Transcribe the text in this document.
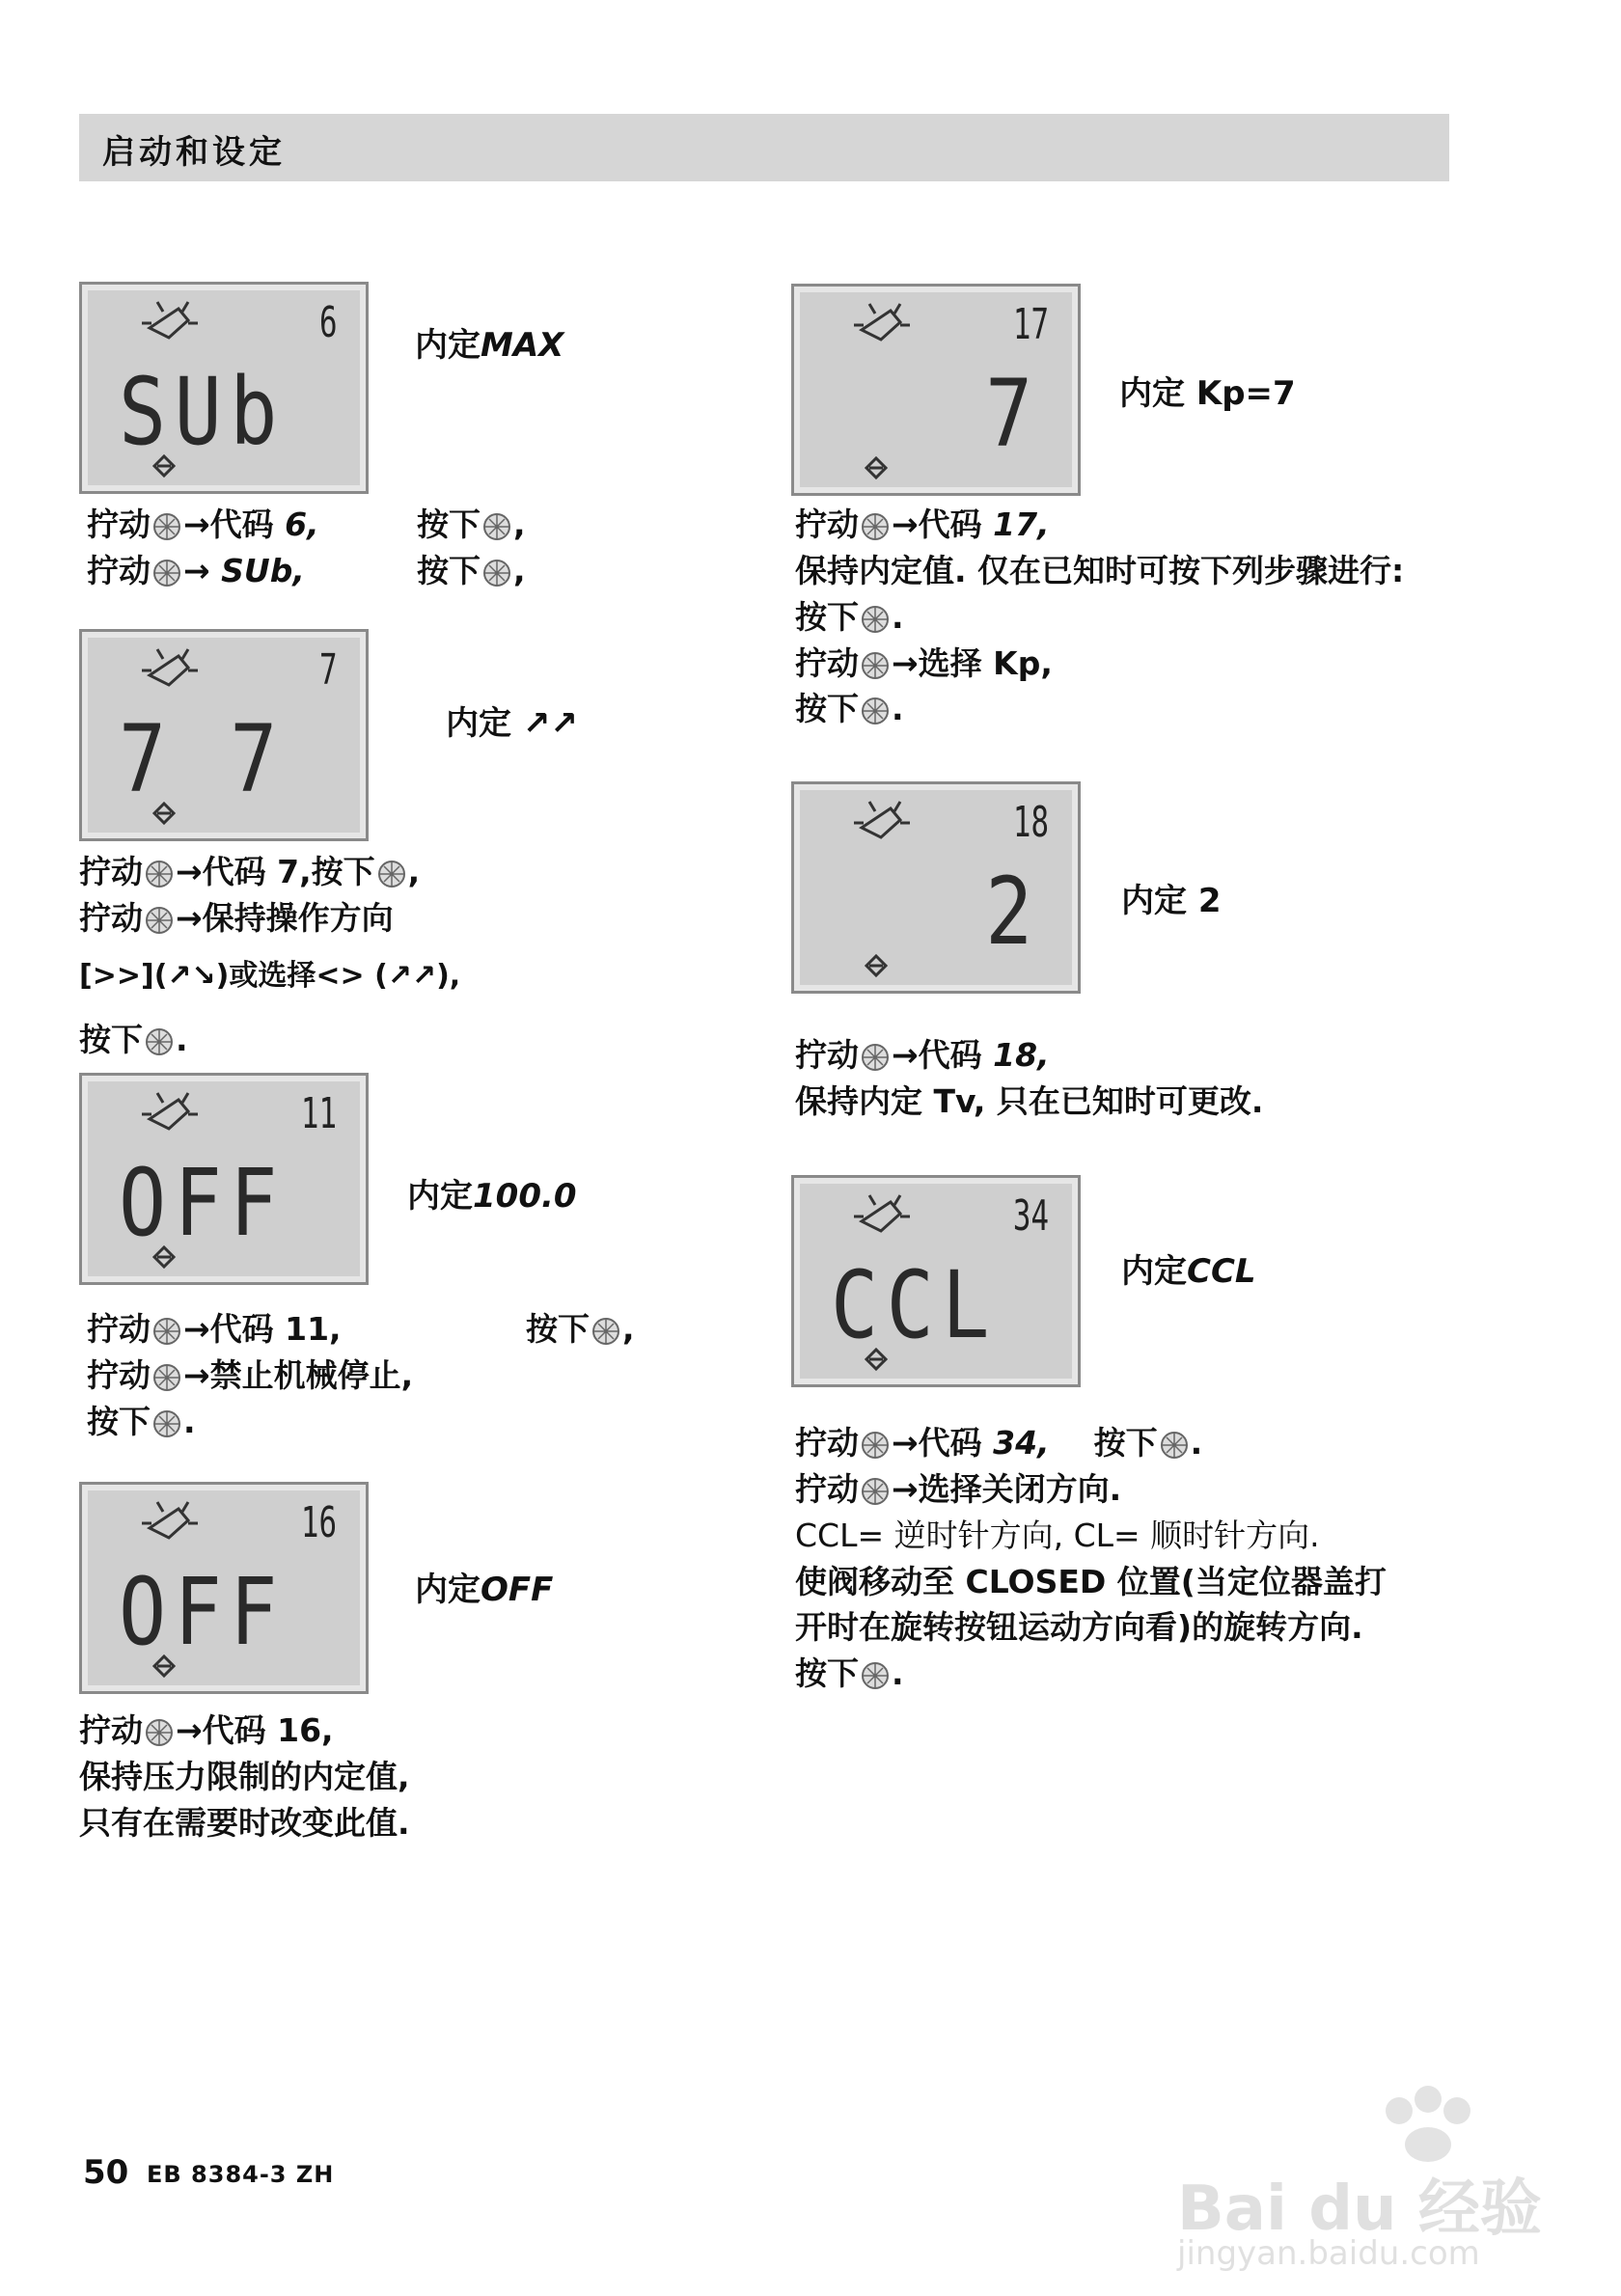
启动和设定
6
SUb
内定MAX
拧动 →代码 6,
拧动 → SUb,
按下 ,
按下 ,
7
7 7	内定 ↗↗
拧动 →代码 7,按下 ,
拧动 →保持操作方向
[>>](↗↘)或选择<> (↗↗),
按下 .
11
OFF	内定100.0
拧动 →代码 11,
拧动 →禁止机械停止,
按下 .
按下 ,
16
OFF	内定OFF
拧动 →代码 16,
保持压力限制的内定值,
只有在需要时改变此值.
17
7 内定 Kp=7
拧动 →代码 17,
保持内定值. 仅在已知时可按下列步骤进行:
按下 .
拧动 →选择 Kp,
按下 .
18
2 内定 2
拧动 →代码 18,
保持内定 Tv, 只在已知时可更改.
34
CCL	内定CCL
拧动 →代码 34, 按下 .
拧动 →选择关闭方向.
CCL= 逆时针方向, CL= 顺时针方向.
使阀移动至 CLOSED 位置(当定位器盖打
开时在旋转按钮运动方向看)的旋转方向.
按下 .
50 EB 8384-3 ZH	Bai du 经验
jingyan.baidu.com
